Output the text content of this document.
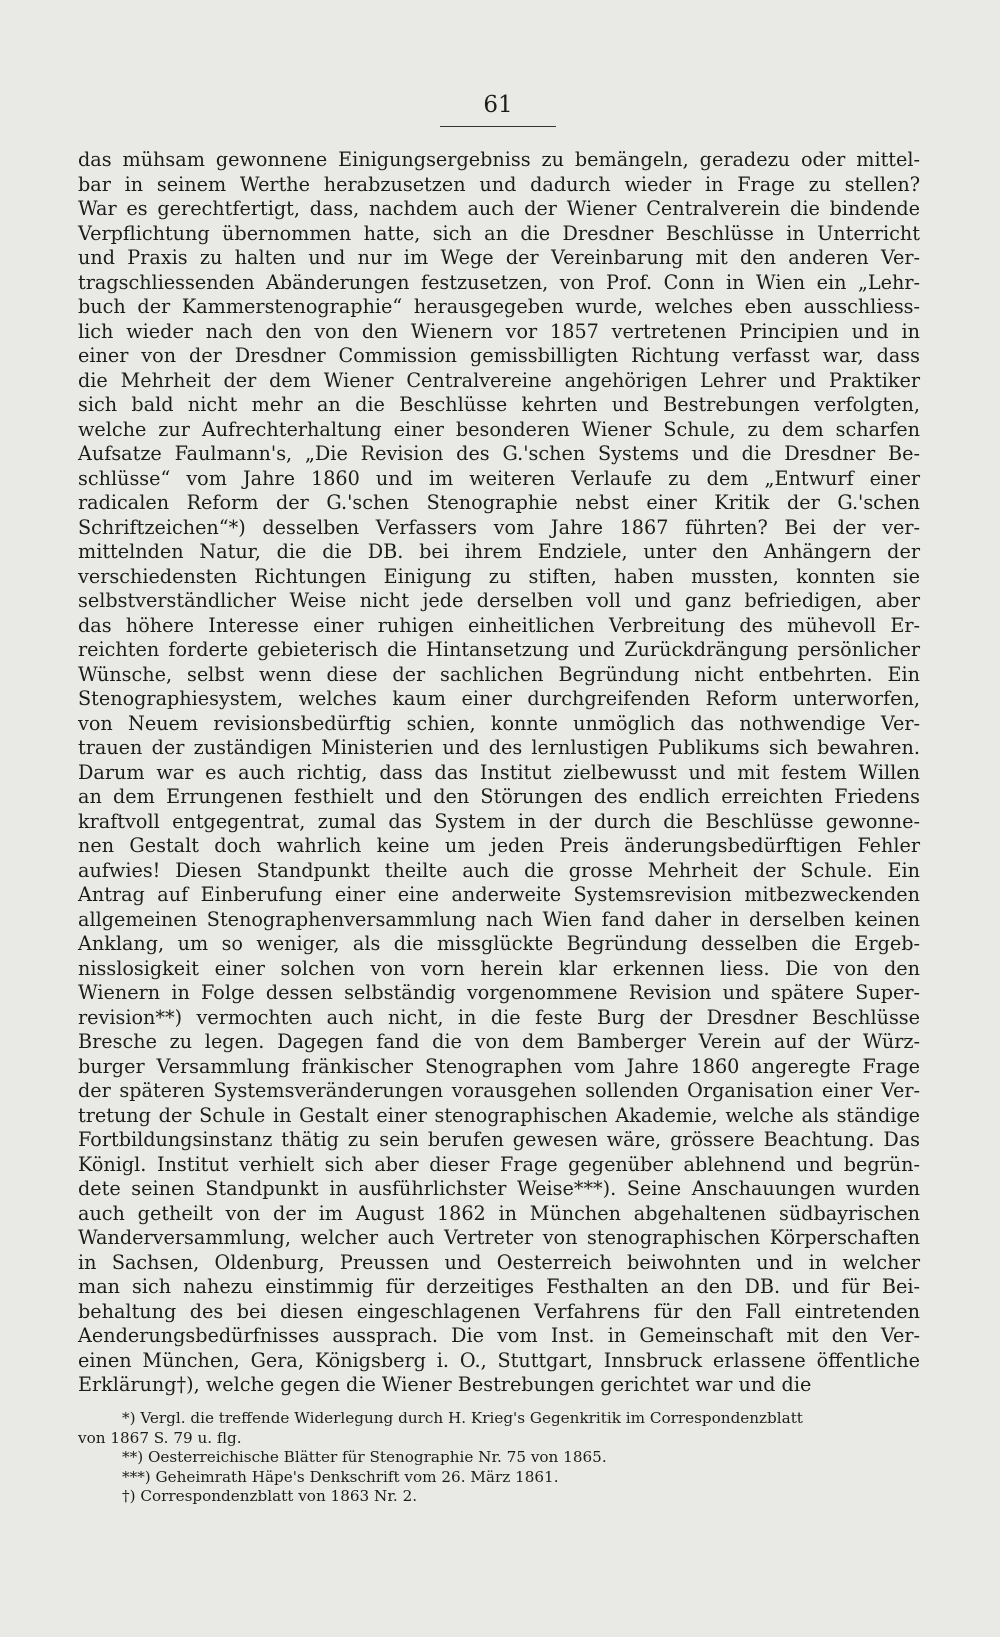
61
das mühsam gewonnene Einigungsergebniss zu bemängeln, geradezu oder mittel-
bar in seinem Werthe herabzusetzen und dadurch wieder in Frage zu stellen?
War es gerechtfertigt, dass, nachdem auch der Wiener Centralverein die bindende
Verpflichtung übernommen hatte, sich an die Dresdner Beschlüsse in Unterricht
und Praxis zu halten und nur im Wege der Vereinbarung mit den anderen Ver-
tragschliessenden Abänderungen festzusetzen, von Prof. Conn in Wien ein „Lehr-
buch der Kammerstenographie“ herausgegeben wurde, welches eben ausschliess-
lich wieder nach den von den Wienern vor 1857 vertretenen Principien und in
einer von der Dresdner Commission gemissbilligten Richtung verfasst war, dass
die Mehrheit der dem Wiener Centralvereine angehörigen Lehrer und Praktiker
sich bald nicht mehr an die Beschlüsse kehrten und Bestrebungen verfolgten,
welche zur Aufrechterhaltung einer besonderen Wiener Schule, zu dem scharfen
Aufsatze Faulmann's, „Die Revision des G.'schen Systems und die Dresdner Be-
schlüsse“ vom Jahre 1860 und im weiteren Verlaufe zu dem „Entwurf einer
radicalen Reform der G.'schen Stenographie nebst einer Kritik der G.'schen
Schriftzeichen“*) desselben Verfassers vom Jahre 1867 führten? Bei der ver-
mittelnden Natur, die die DB. bei ihrem Endziele, unter den Anhängern der
verschiedensten Richtungen Einigung zu stiften, haben mussten, konnten sie
selbstverständlicher Weise nicht jede derselben voll und ganz befriedigen, aber
das höhere Interesse einer ruhigen einheitlichen Verbreitung des mühevoll Er-
reichten forderte gebieterisch die Hintansetzung und Zurückdrängung persönlicher
Wünsche, selbst wenn diese der sachlichen Begründung nicht entbehrten. Ein
Stenographiesystem, welches kaum einer durchgreifenden Reform unterworfen,
von Neuem revisionsbedürftig schien, konnte unmöglich das nothwendige Ver-
trauen der zuständigen Ministerien und des lernlustigen Publikums sich bewahren.
Darum war es auch richtig, dass das Institut zielbewusst und mit festem Willen
an dem Errungenen festhielt und den Störungen des endlich erreichten Friedens
kraftvoll entgegentrat, zumal das System in der durch die Beschlüsse gewonne-
nen Gestalt doch wahrlich keine um jeden Preis änderungsbedürftigen Fehler
aufwies! Diesen Standpunkt theilte auch die grosse Mehrheit der Schule. Ein
Antrag auf Einberufung einer eine anderweite Systemsrevision mitbezweckenden
allgemeinen Stenographenversammlung nach Wien fand daher in derselben keinen
Anklang, um so weniger, als die missglückte Begründung desselben die Ergeb-
nisslosigkeit einer solchen von vorn herein klar erkennen liess. Die von den
Wienern in Folge dessen selbständig vorgenommene Revision und spätere Super-
revision**) vermochten auch nicht, in die feste Burg der Dresdner Beschlüsse
Bresche zu legen. Dagegen fand die von dem Bamberger Verein auf der Würz-
burger Versammlung fränkischer Stenographen vom Jahre 1860 angeregte Frage
der späteren Systemsveränderungen vorausgehen sollenden Organisation einer Ver-
tretung der Schule in Gestalt einer stenographischen Akademie, welche als ständige
Fortbildungsinstanz thätig zu sein berufen gewesen wäre, grössere Beachtung. Das
Königl. Institut verhielt sich aber dieser Frage gegenüber ablehnend und begrün-
dete seinen Standpunkt in ausführlichster Weise***). Seine Anschauungen wurden
auch getheilt von der im August 1862 in München abgehaltenen südbayrischen
Wanderversammlung, welcher auch Vertreter von stenographischen Körperschaften
in Sachsen, Oldenburg, Preussen und Oesterreich beiwohnten und in welcher
man sich nahezu einstimmig für derzeitiges Festhalten an den DB. und für Bei-
behaltung des bei diesen eingeschlagenen Verfahrens für den Fall eintretenden
Aenderungsbedürfnisses aussprach. Die vom Inst. in Gemeinschaft mit den Ver-
einen München, Gera, Königsberg i. O., Stuttgart, Innsbruck erlassene öffentliche
Erklärung†), welche gegen die Wiener Bestrebungen gerichtet war und die
*) Vergl. die treffende Widerlegung durch H. Krieg's Gegenkritik im Correspondenzblatt
von 1867 S. 79 u. flg.
**) Oesterreichische Blätter für Stenographie Nr. 75 von 1865.
***) Geheimrath Häpe's Denkschrift vom 26. März 1861.
†) Correspondenzblatt von 1863 Nr. 2.
